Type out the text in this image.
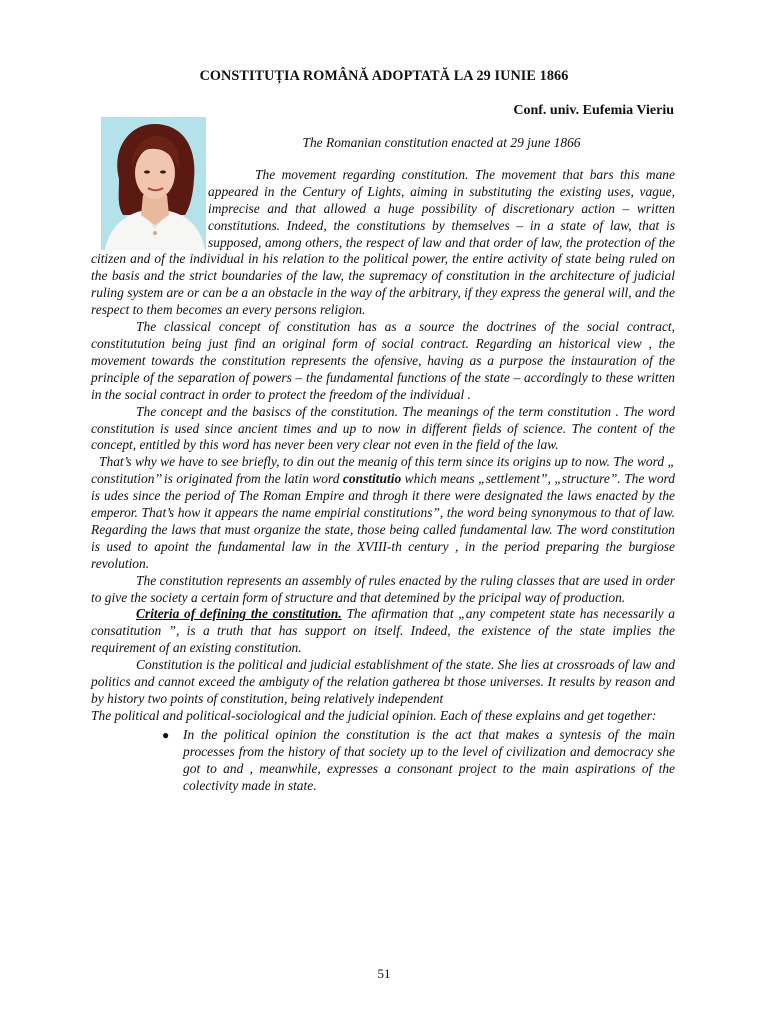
CONSTITUȚIA ROMÂNĂ ADOPTATĂ LA 29 IUNIE 1866
Conf. univ. Eufemia Vieriu

The Romanian constitution enacted at 29 june 1866

The movement regarding constitution. The movement that bars this mane appeared in the Century of Lights, aiming in substituting the existing uses, vague, imprecise and that allowed a huge possibility of discretionary action – written constitutions. Indeed, the constitutions by themselves – in a state of law, that is supposed, among others, the respect of law and that order of law, the protection of the citizen and of the individual in his relation to the political power, the entire activity of state being ruled on the basis and the strict boundaries of the law, the supremacy of constitution in the architecture of judicial ruling system are or can be a an obstacle in the way of the arbitrary, if they express the general will, and the respect to them becomes an every persons religion.

The classical concept of constitution has as a source the doctrines of the social contract, constitutution being just find an original form of social contract. Regarding an historical view , the movement towards the constitution represents the ofensive, having as a purpose the instauration of the principle of the separation of powers – the fundamental functions of the state – accordingly to these written in the social contract in order to protect the freedom of the individual .

The concept and the basiscs of the constitution. The meanings of the term constitution . The word constitution is used since ancient times and up to now in different fields of science. The content of the concept, entitled by this word has never been very clear not even in the field of the law.

That’s why we have to see briefly, to din out the meanig of this term since its origins up to now. The word „ constitution’’ is originated from the latin word constitutio which means „settlement”, „structure”. The word is udes since the period of The Roman Empire and throgh it there were designated the laws enacted by the emperor. That’s how it appears the name empirial constitutions”, the word being synonymous to that of law. Regarding the laws that must organize the state, those being called fundamental law. The word constitution is used to apoint the fundamental law in the XVIII-th century , in the period preparing the burgiose revolution.

The constitution represents an assembly of rules enacted by the ruling classes that are used in order to give the society a certain form of structure and that detemined by the pricipal way of production.

Criteria of defining the constitution. The afirmation that „any competent state has necessarily a consatitution ”, is a truth that has support on itself. Indeed, the existence of the state implies the requirement of an existing constitution.

Constitution is the political and judicial establishment of the state. She lies at crossroads of law and politics and cannot exceed the ambiguty of the relation gatherea bt those universes. It results by reason and by history two points of constitution, being relatively independent

The political and political-sociological and the judicial opinion. Each of these explains and get together:

● In the political opinion the constitution is the act that makes a syntesis of the main processes from the history of that society up to the level of civilization and democracy she got to and , meanwhile, expresses a consonant project to the main aspirations of the colectivity made in state.

51
